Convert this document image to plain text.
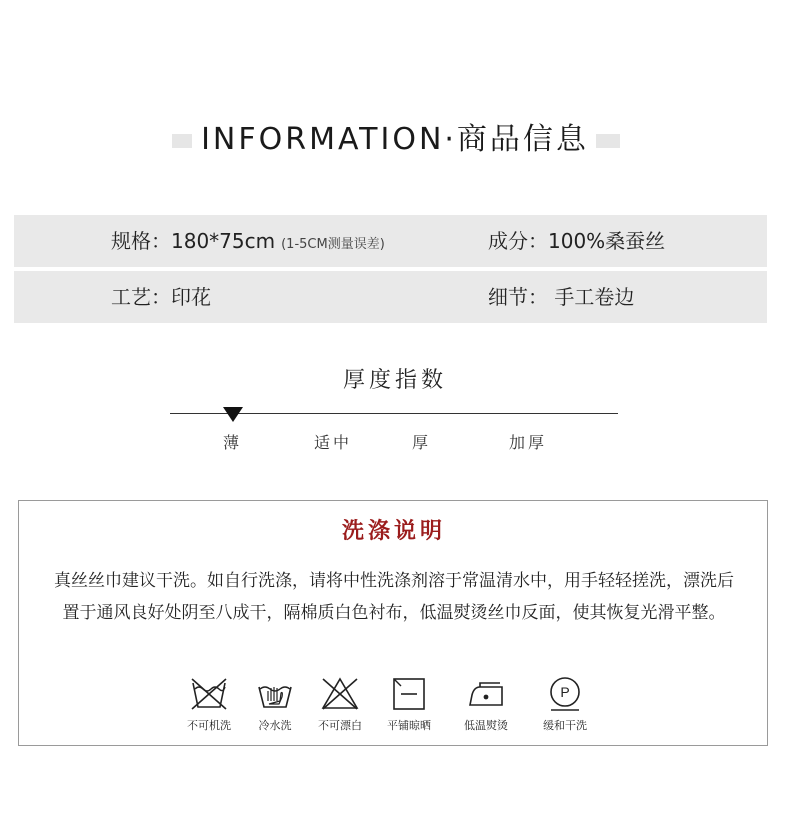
INFORMATION·商品信息
规格：180*75cm (1-5CM测量误差)	成分：100%桑蚕丝
工艺：印花	细节： 手工卷边
厚度指数
薄	适中	厚	加厚
洗涤说明
真丝丝巾建议干洗。如自行洗涤，请将中性洗涤剂溶于常温清水中，用手轻轻搓洗，漂洗后置于通风良好处阴至八成干，隔棉质白色衬布，低温熨烫丝巾反面，使其恢复光滑平整。
不可机洗	冷水洗	不可漂白	平铺晾晒	低温熨烫
P
缓和干洗
